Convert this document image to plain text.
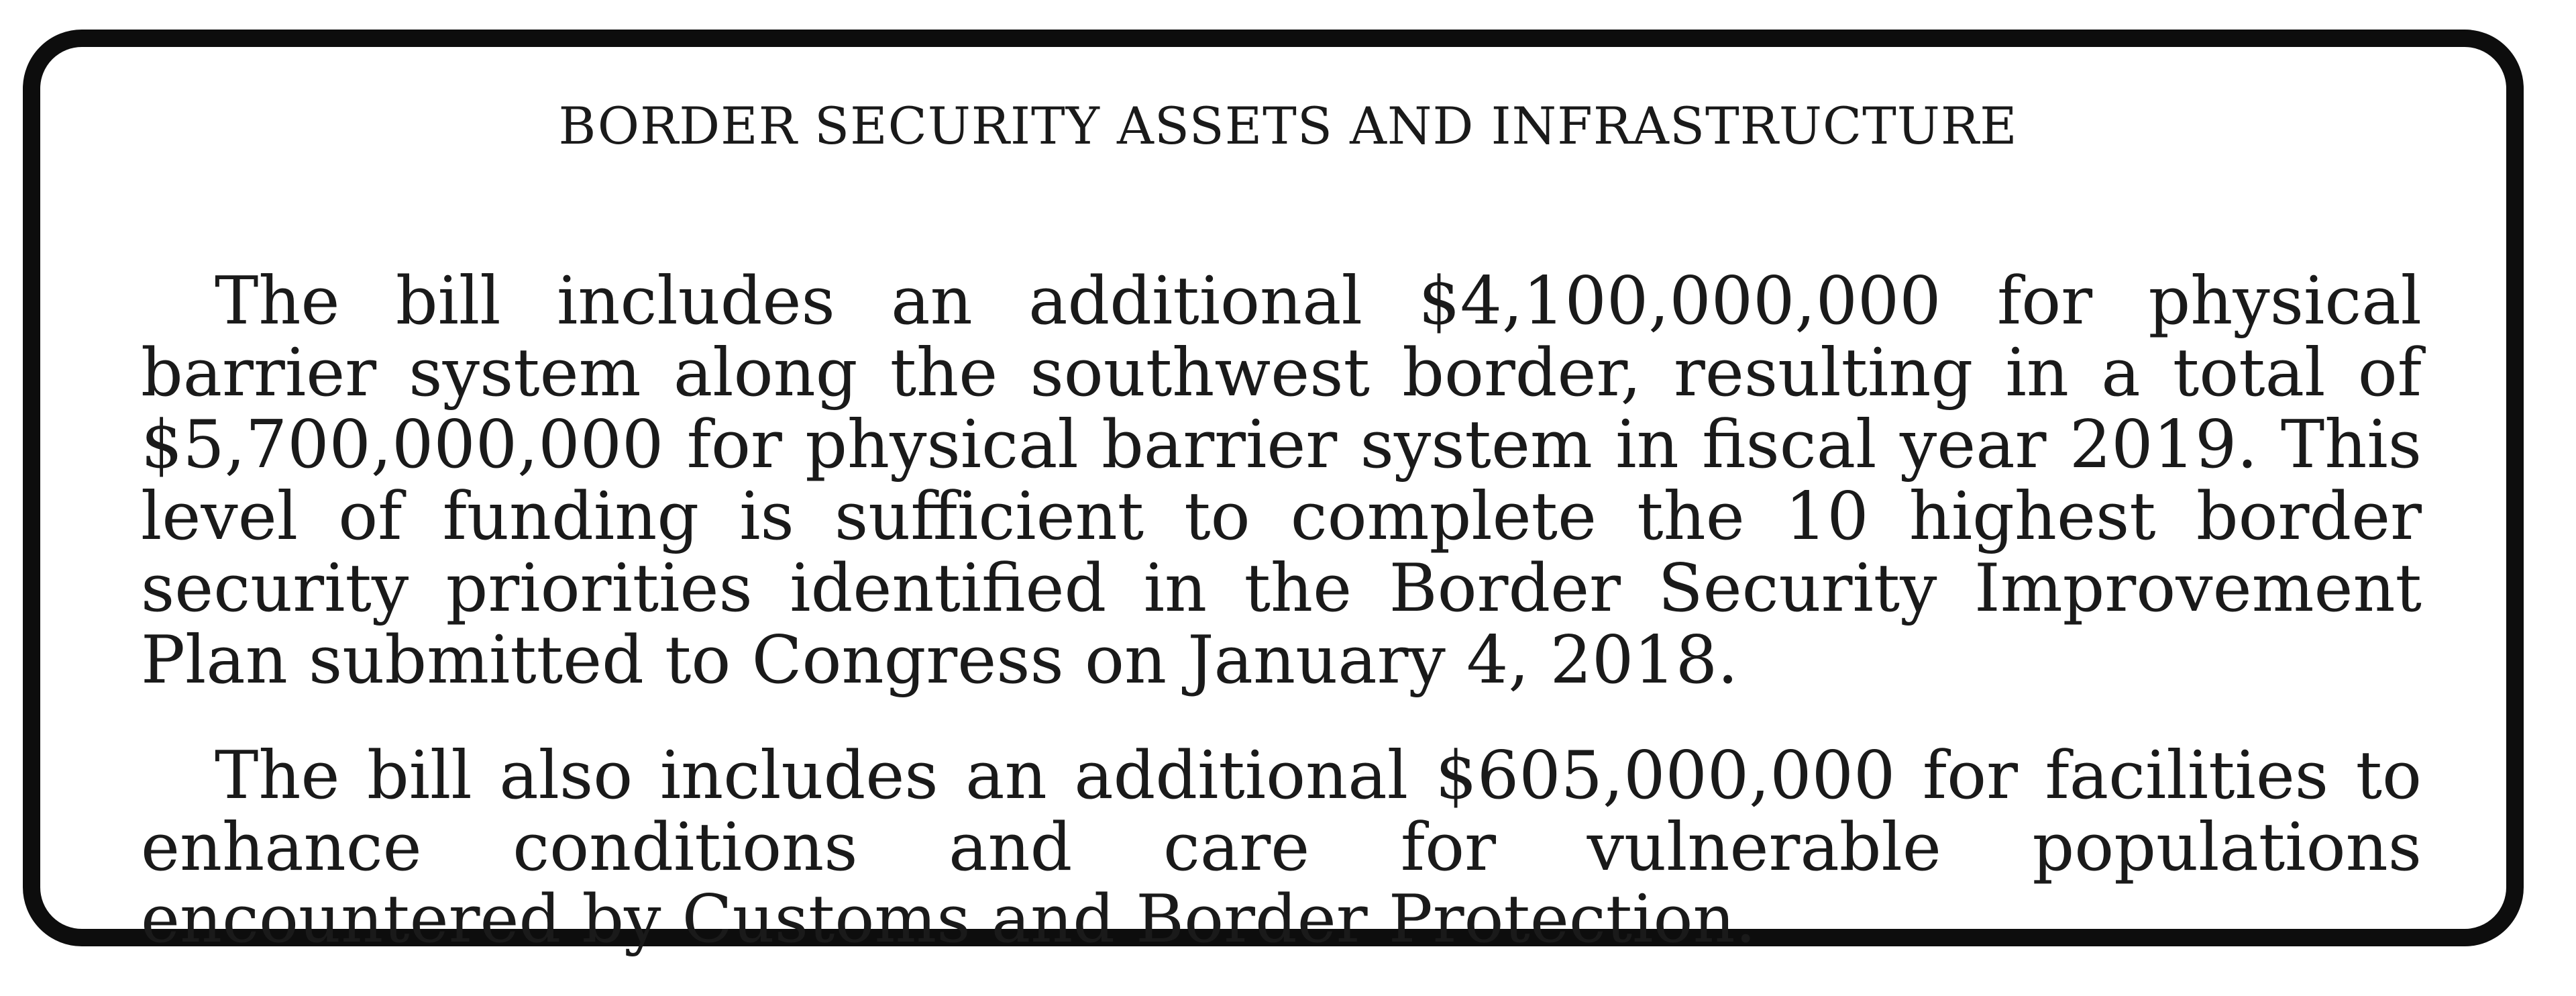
BORDER SECURITY ASSETS AND INFRASTRUCTURE

The bill includes an additional $4,100,000,000 for physical barrier system along the southwest border, resulting in a total of $5,700,000,000 for physical barrier system in fiscal year 2019. This level of funding is sufficient to complete the 10 highest border security priorities identified in the Border Security Improvement Plan submitted to Congress on January 4, 2018.

The bill also includes an additional $605,000,000 for facilities to enhance conditions and care for vulnerable populations encountered by Customs and Border Protection.
